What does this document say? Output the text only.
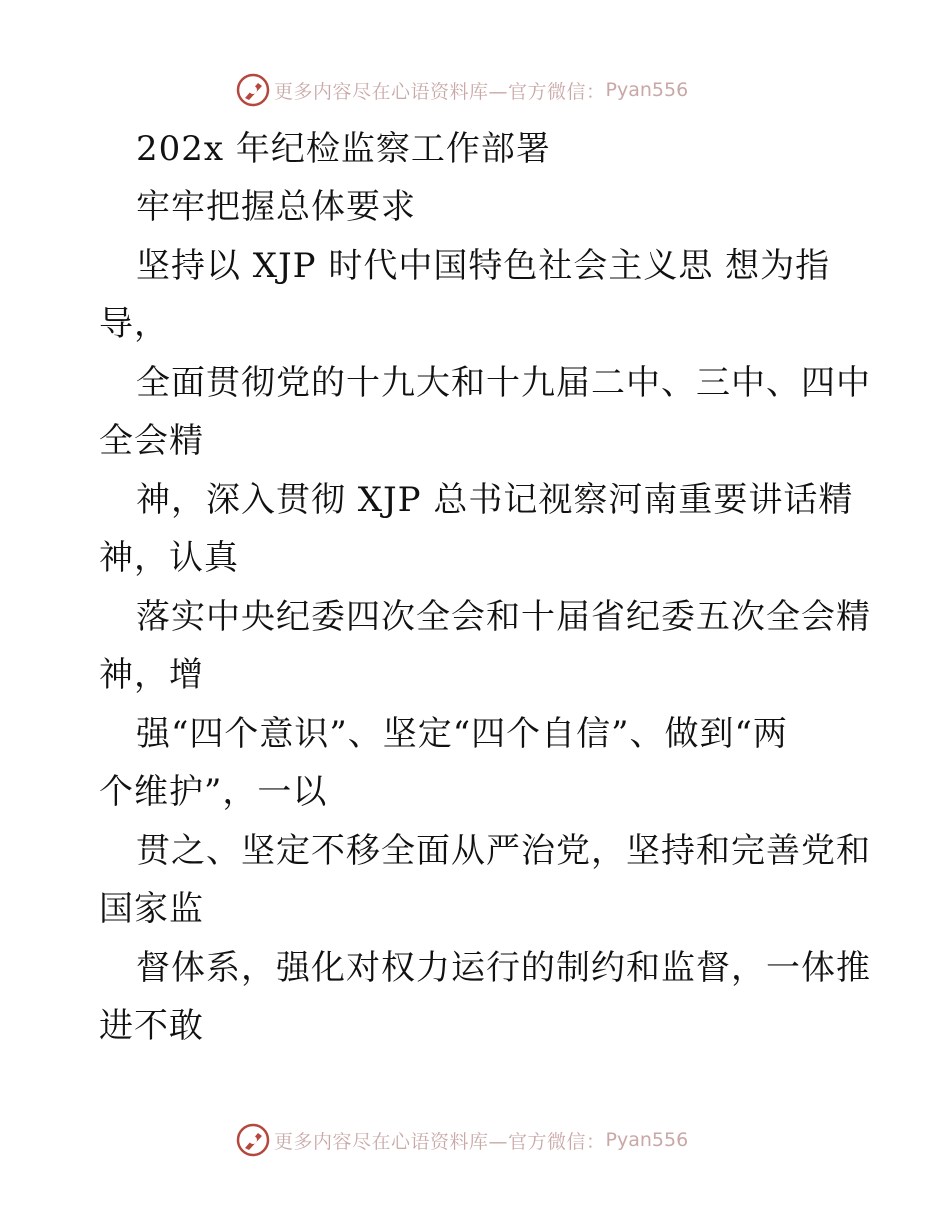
更多内容尽在心语资料库—官方微信： Pyan556
202x 年纪检监察工作部署
牢牢把握总体要求
坚持以 XJP 时代中国特色社会主义思 想为指
导，
全面贯彻党的十九大和十九届二中、三中、四中
全会精
神，深入贯彻 XJP 总书记视察河南重要讲话精
神，认真
落实中央纪委四次全会和十届省纪委五次全会精
神，增
强“四个意识”、坚定“四个自信”、做到“两
个维护”，一以
贯之、坚定不移全面从严治党，坚持和完善党和
国家监
督体系，强化对权力运行的制约和监督，一体推
进不敢
更多内容尽在心语资料库—官方微信： Pyan556
